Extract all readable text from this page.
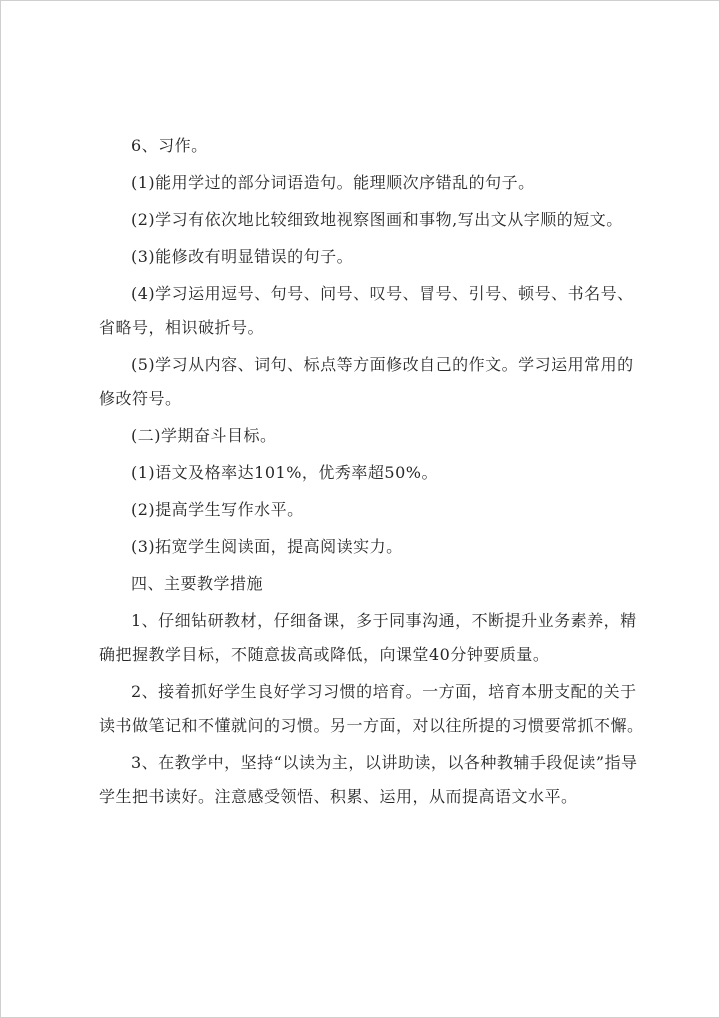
6、习作。

(1)能用学过的部分词语造句。能理顺次序错乱的句子。

(2)学习有依次地比较细致地视察图画和事物,写出文从字顺的短文。

(3)能修改有明显错误的句子。

(4)学习运用逗号、句号、问号、叹号、冒号、引号、顿号、书名号、省略号，相识破折号。

(5)学习从内容、词句、标点等方面修改自己的作文。学习运用常用的修改符号。

(二)学期奋斗目标。

(1)语文及格率达101%，优秀率超50%。

(2)提高学生写作水平。

(3)拓宽学生阅读面，提高阅读实力。

四、主要教学措施

1、仔细钻研教材，仔细备课，多于同事沟通，不断提升业务素养，精确把握教学目标，不随意拔高或降低，向课堂40分钟要质量。

2、接着抓好学生良好学习习惯的培育。一方面，培育本册支配的关于读书做笔记和不懂就问的习惯。另一方面，对以往所提的习惯要常抓不懈。

3、在教学中，坚持“以读为主，以讲助读，以各种教辅手段促读”指导学生把书读好。注意感受领悟、积累、运用，从而提高语文水平。
